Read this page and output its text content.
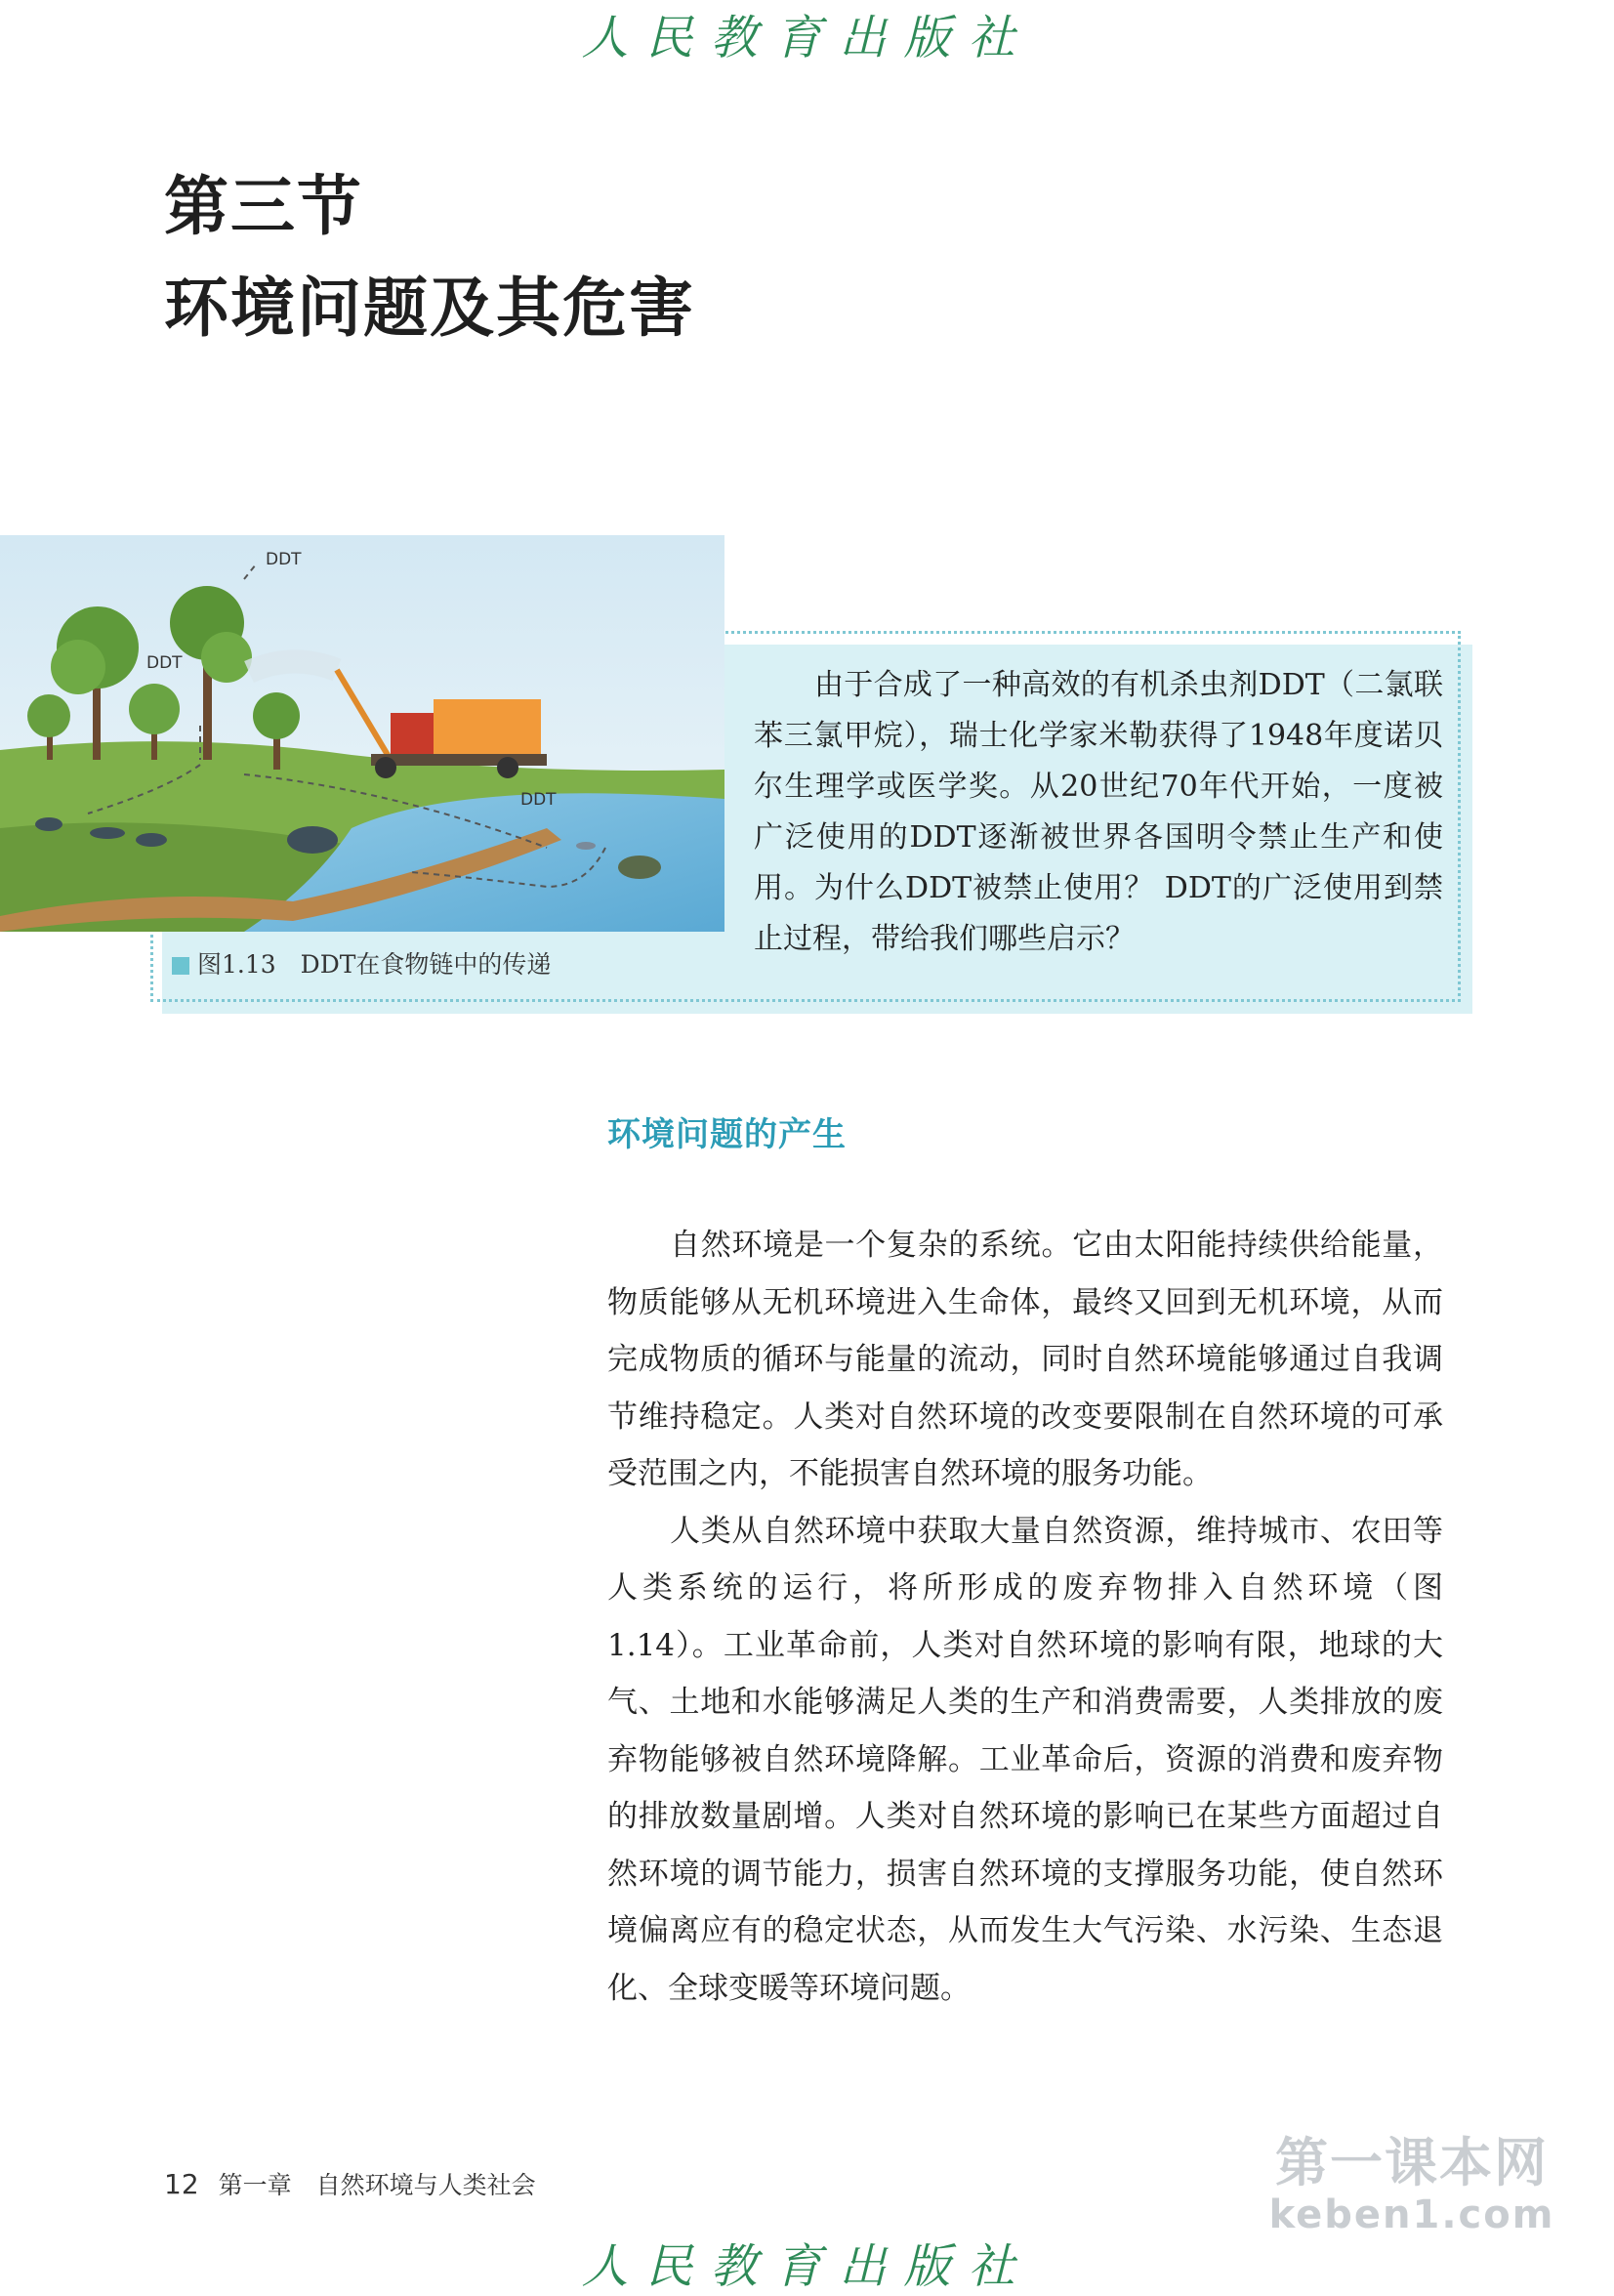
人民教育出版社
第三节
环境问题及其危害
DDT
DDT
DDT
图1.13　DDT在食物链中的传递
由于合成了一种高效的有机杀虫剂DDT（二氯联苯三氯甲烷），瑞士化学家米勒获得了1948年度诺贝尔生理学或医学奖。从20世纪70年代开始，一度被广泛使用的DDT逐渐被世界各国明令禁止生产和使用。为什么DDT被禁止使用？ DDT的广泛使用到禁止过程，带给我们哪些启示？
环境问题的产生

自然环境是一个复杂的系统。它由太阳能持续供给能量，物质能够从无机环境进入生命体，最终又回到无机环境，从而完成物质的循环与能量的流动，同时自然环境能够通过自我调节维持稳定。人类对自然环境的改变要限制在自然环境的可承受范围之内，不能损害自然环境的服务功能。

人类从自然环境中获取大量自然资源，维持城市、农田等人类系统的运行，将所形成的废弃物排入自然环境（图1.14）。工业革命前，人类对自然环境的影响有限，地球的大气、土地和水能够满足人类的生产和消费需要，人类排放的废弃物能够被自然环境降解。工业革命后，资源的消费和废弃物的排放数量剧增。人类对自然环境的影响已在某些方面超过自然环境的调节能力，损害自然环境的支撑服务功能，使自然环境偏离应有的稳定状态，从而发生大气污染、水污染、生态退化、全球变暖等环境问题。

12 第一章　自然环境与人类社会	第一课本网
keben1.com
人民教育出版社
